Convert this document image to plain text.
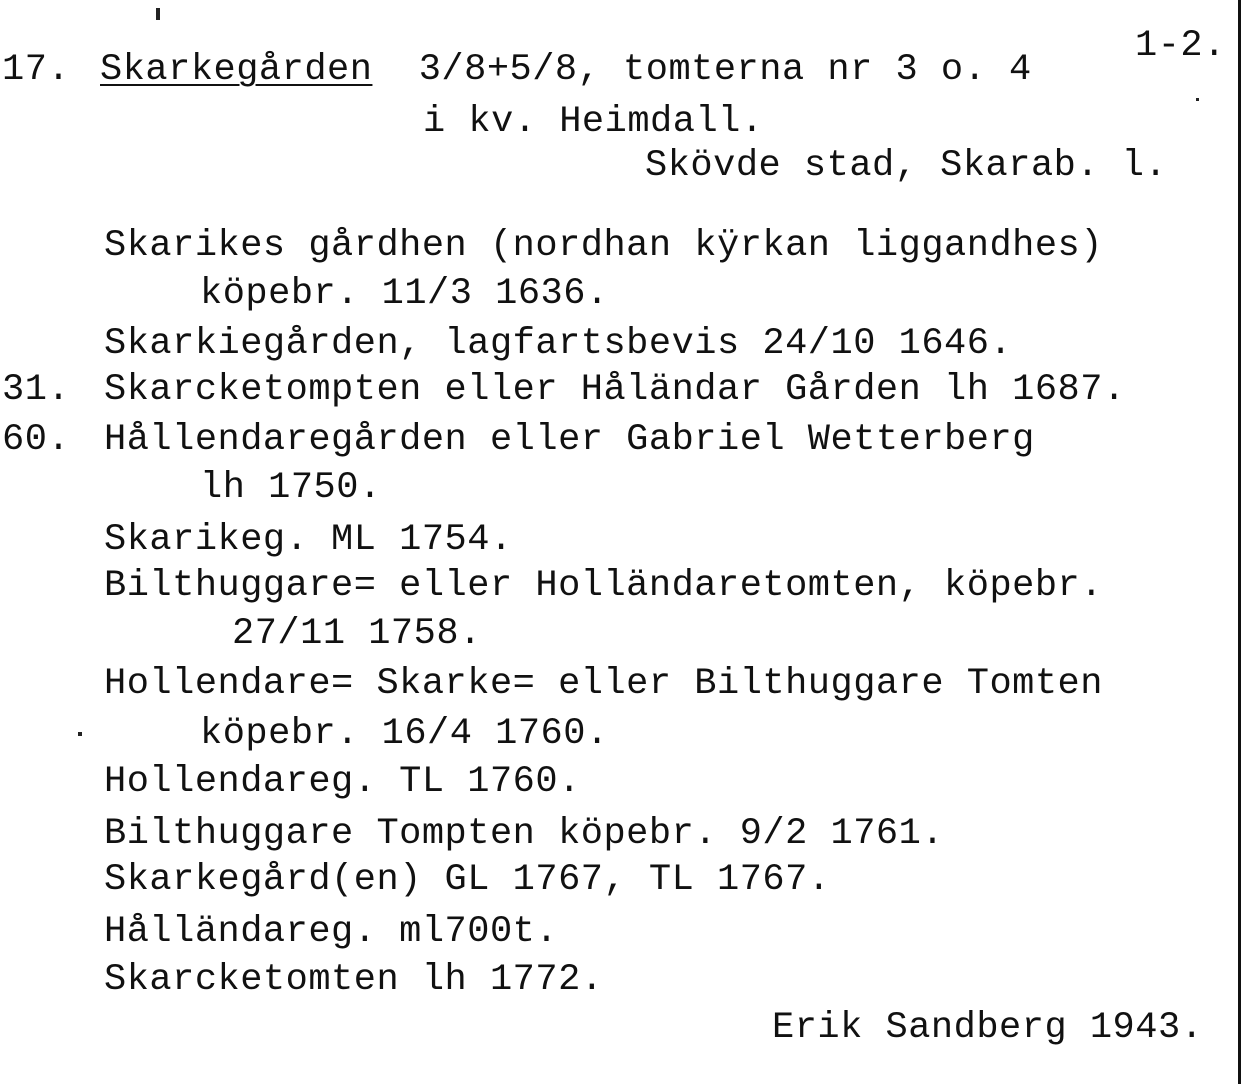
17. Skarkegården 3/8+5/8, tomterna nr 3 o. 4
1-2.
i kv. Heimdall.
Skövde stad, Skarab. l.
Skarikes gårdhen (nordhan kÿrkan liggandhes)
köpebr. 11/3 1636.
Skarkiegården, lagfartsbevis 24/10 1646.
31. Skarcketompten eller Håländar Gården lh 1687.
60. Hållendaregården eller Gabriel Wetterberg
lh 1750.
Skarikeg. ML 1754.
Bilthuggare= eller Holländaretomten, köpebr.
27/11 1758.
Hollendare= Skarke= eller Bilthuggare Tomten
köpebr. 16/4 1760.
Hollendareg. TL 1760.
Bilthuggare Tompten köpebr. 9/2 1761.
Skarkegård(en) GL 1767, TL 1767.
Hålländareg. ml700t.
Skarcketomten lh 1772.
Erik Sandberg 1943.
